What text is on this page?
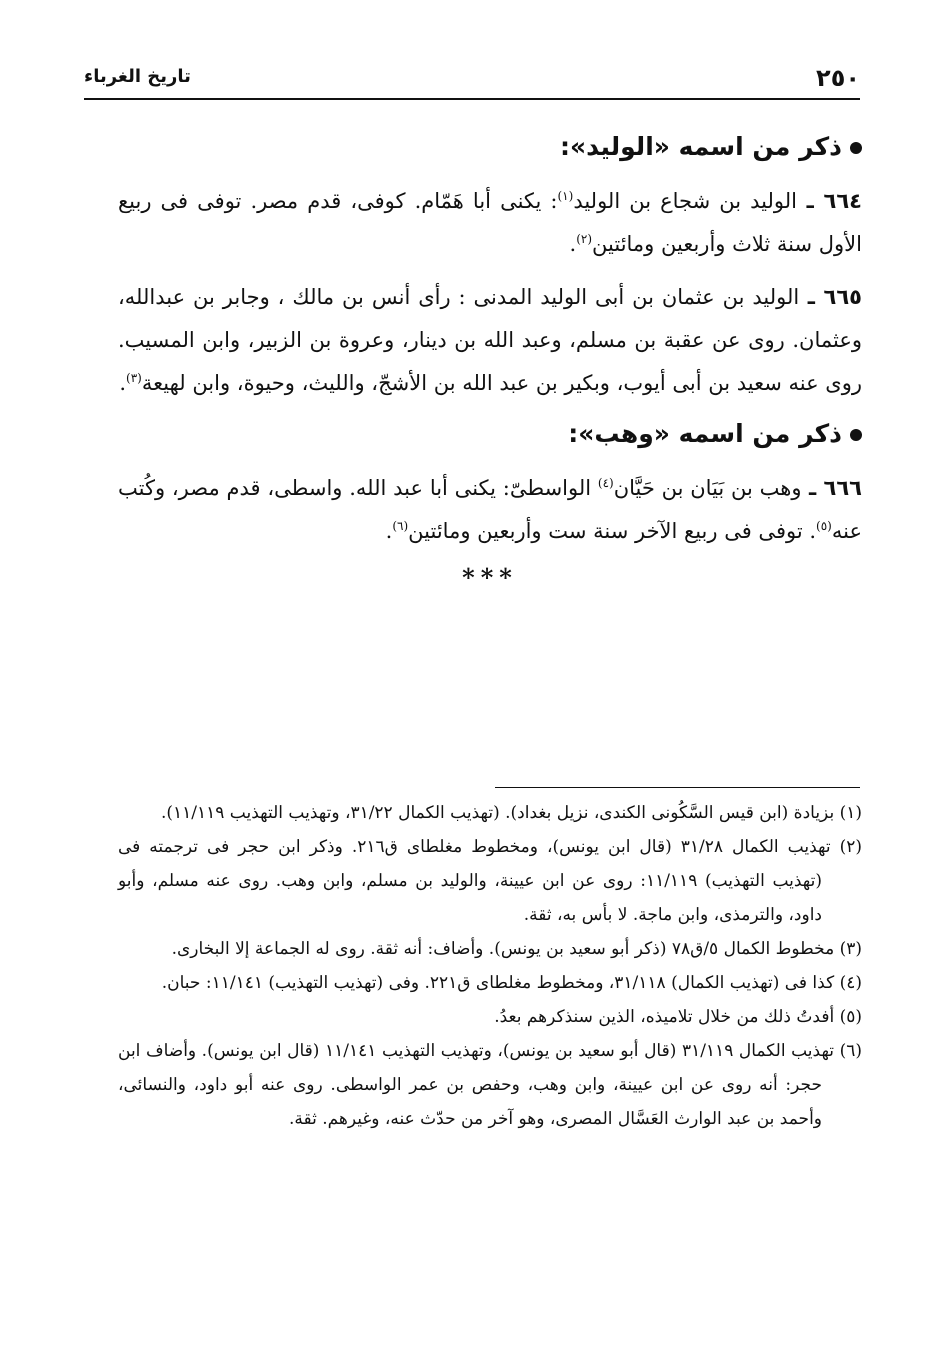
٢٥٠
تاريخ الغرباء
ذكر من اسمه «الوليد»:

٦٦٤ ـ الوليد بن شجاع بن الوليد$^{(١)}$: يكنى أبا هَمّام. كوفى، قدم مصر. توفى فى ربيع الأول سنة ثلاث وأربعين ومائتين$^{(٢)}$.

٦٦٥ ـ الوليد بن عثمان بن أبى الوليد المدنى : رأى أنس بن مالك ، وجابر بن عبدالله، وعثمان. روى عن عقبة بن مسلم، وعبد الله بن دينار، وعروة بن الزبير، وابن المسيب. روى عنه سعيد بن أبى أيوب، وبكير بن عبد الله بن الأشجّ، والليث، وحيوة، وابن لهيعة$^{(٣)}$.

ذكر من اسمه «وهب»:

٦٦٦ ـ وهب بن بَيَان بن حَيَّان$^{(٤)}$ الواسطىّ: يكنى أبا عبد الله. واسطى، قدم مصر، وكُتب عنه$^{(٥)}$. توفى فى ربيع الآخر سنة ست وأربعين ومائتين$^{(٦)}$.

***

(١) بزيادة (ابن قيس السَّكُونى الكندى، نزيل بغداد). (تهذيب الكمال ٣١/٢٢، وتهذيب التهذيب ١١/١١٩).

(٢) تهذيب الكمال ٣١/٢٨ (قال ابن يونس)، ومخطوط مغلطاى ق٢١٦. وذكر ابن حجر فى ترجمته فى (تهذيب التهذيب) ١١/١١٩: روى عن ابن عيينة، والوليد بن مسلم، وابن وهب. روى عنه مسلم، وأبو داود، والترمذى، وابن ماجة. لا بأس به، ثقة.

(٣) مخطوط الكمال ٥/ق٧٨ (ذكر أبو سعيد بن يونس). وأضاف: أنه ثقة. روى له الجماعة إلا البخارى.

(٤) كذا فى (تهذيب الكمال) ٣١/١١٨، ومخطوط مغلطاى ق٢٢١. وفى (تهذيب التهذيب) ١١/١٤١: حبان.

(٥) أفدتُ ذلك من خلال تلاميذه، الذين سنذكرهم بعدُ.

(٦) تهذيب الكمال ٣١/١١٩ (قال أبو سعيد بن يونس)، وتهذيب التهذيب ١١/١٤١ (قال ابن يونس). وأضاف ابن حجر: أنه روى عن ابن عيينة، وابن وهب، وحفص بن عمر الواسطى. روى عنه أبو داود، والنسائى، وأحمد بن عبد الوارث العَسَّال المصرى، وهو آخر من حدّث عنه، وغيرهم. ثقة.
